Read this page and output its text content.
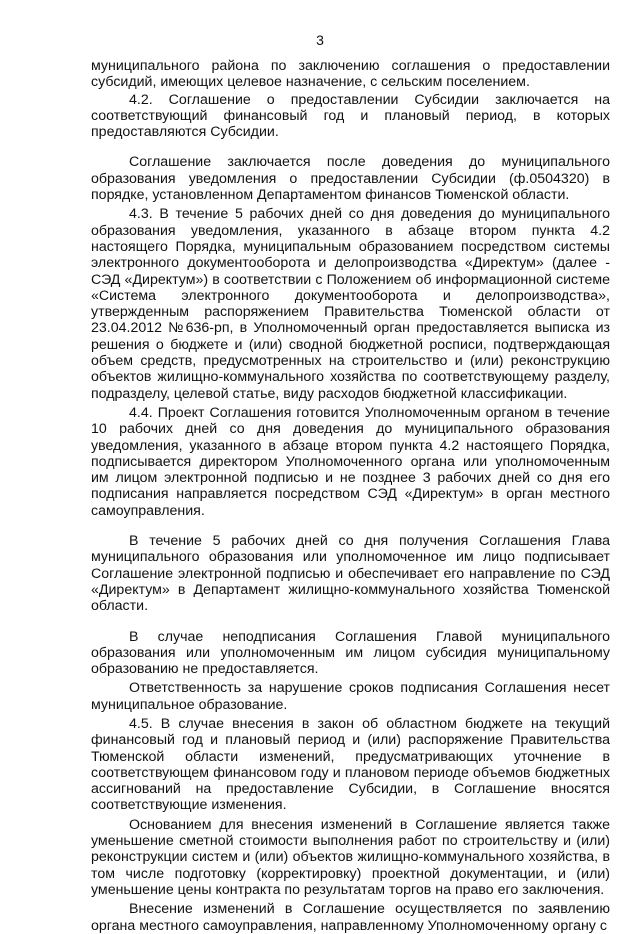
3

муниципального района по заключению соглашения о предоставлении субсидий, имеющих целевое назначение, с сельским поселением.

4.2. Соглашение о предоставлении Субсидии заключается на соответствующий финансовый год и плановый период, в которых предоставляются Субсидии.

Соглашение заключается после доведения до муниципального образования уведомления о предоставлении Субсидии (ф.0504320) в порядке, установленном Департаментом финансов Тюменской области.

4.3. В течение 5 рабочих дней со дня доведения до муниципального образования уведомления, указанного в абзаце втором пункта 4.2 настоящего Порядка, муниципальным образованием посредством системы электронного документооборота и делопроизводства «Директум» (далее - СЭД «Директум») в соответствии с Положением об информационной системе «Система электронного документооборота и делопроизводства», утвержденным распоряжением Правительства Тюменской области от 23.04.2012 №636-рп, в Уполномоченный орган предоставляется выписка из решения о бюджете и (или) сводной бюджетной росписи, подтверждающая объем средств, предусмотренных на строительство и (или) реконструкцию объектов жилищно-коммунального хозяйства по соответствующему разделу, подразделу, целевой статье, виду расходов бюджетной классификации.

4.4. Проект Соглашения готовится Уполномоченным органом в течение 10 рабочих дней со дня доведения до муниципального образования уведомления, указанного в абзаце втором пункта 4.2 настоящего Порядка, подписывается директором Уполномоченного органа или уполномоченным им лицом электронной подписью и не позднее 3 рабочих дней со дня его подписания направляется посредством СЭД «Директум» в орган местного самоуправления.

В течение 5 рабочих дней со дня получения Соглашения Глава муниципального образования или уполномоченное им лицо подписывает Соглашение электронной подписью и обеспечивает его направление по СЭД «Директум» в Департамент жилищно-коммунального хозяйства Тюменской области.

В случае неподписания Соглашения Главой муниципального образования или уполномоченным им лицом субсидия муниципальному образованию не предоставляется.

Ответственность за нарушение сроков подписания Соглашения несет муниципальное образование.

4.5. В случае внесения в закон об областном бюджете на текущий финансовый год и плановый период и (или) распоряжение Правительства Тюменской области изменений, предусматривающих уточнение в соответствующем финансовом году и плановом периоде объемов бюджетных ассигнований на предоставление Субсидии, в Соглашение вносятся соответствующие изменения.

Основанием для внесения изменений в Соглашение является также уменьшение сметной стоимости выполнения работ по строительству и (или) реконструкции систем и (или) объектов жилищно-коммунального хозяйства, в том числе подготовку (корректировку) проектной документации, и (или) уменьшение цены контракта по результатам торгов на право его заключения.

Внесение изменений в Соглашение осуществляется по заявлению органа местного самоуправления, направленному Уполномоченному органу с
